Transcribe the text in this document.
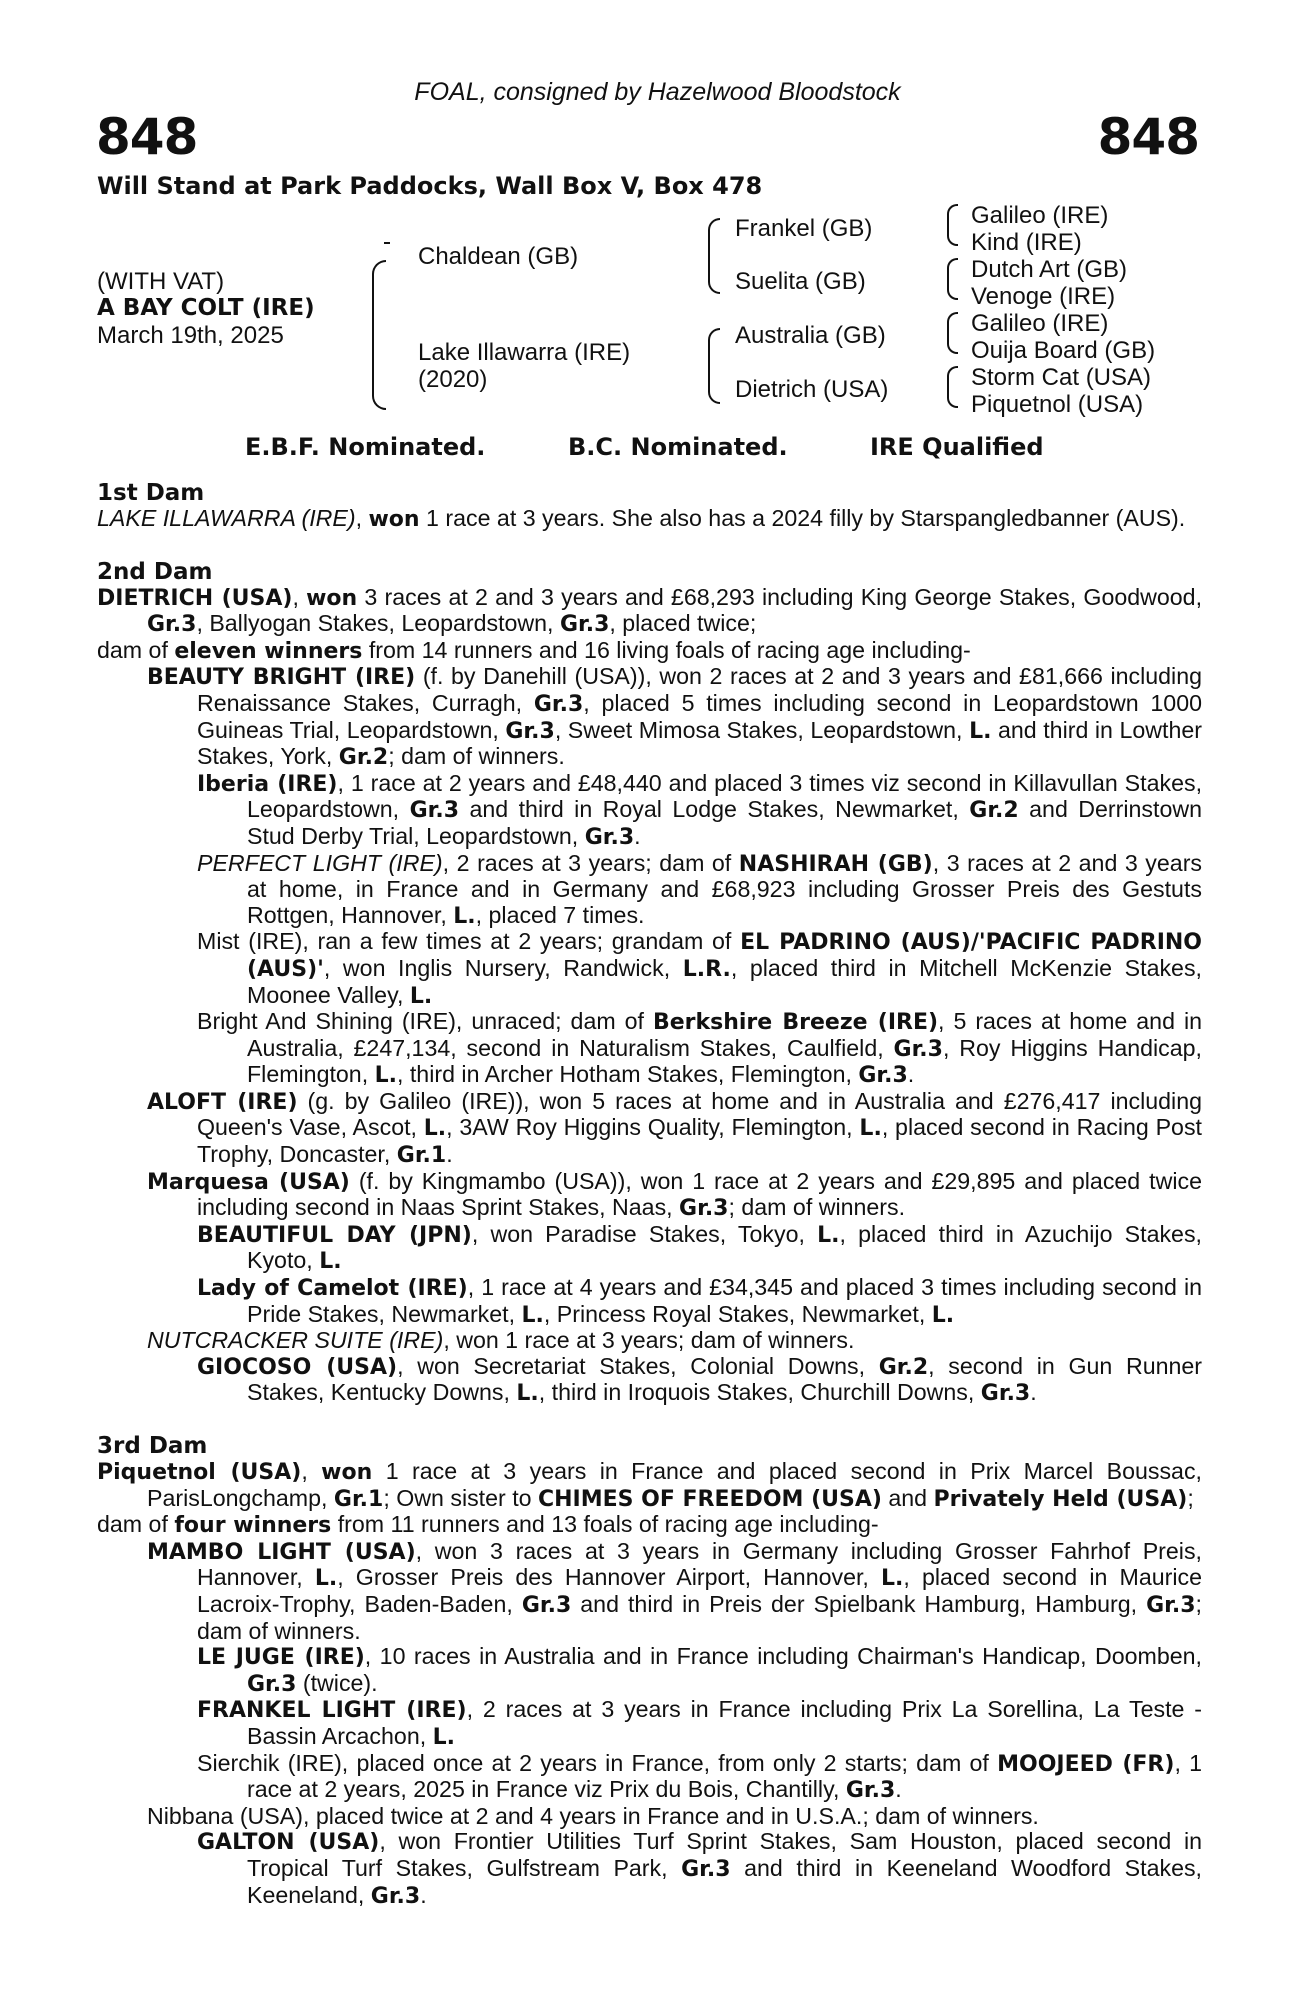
FOAL, consigned by Hazelwood Bloodstock
848	848
Will Stand at Park Paddocks, Wall Box V, Box 478
(WITH VAT)
A BAY COLT (IRE)
March 19th, 2025
Chaldean (GB)
Lake Illawarra (IRE)
(2020)
Frankel (GB)
Suelita (GB)
Australia (GB)
Dietrich (USA)
Galileo (IRE)
Kind (IRE)
Dutch Art (GB)
Venoge (IRE)
Galileo (IRE)
Ouija Board (GB)
Storm Cat (USA)
Piquetnol (USA)
E.B.F. Nominated.	B.C. Nominated.	IRE Qualified
1st Dam

LAKE ILLAWARRA (IRE), won 1 race at 3 years. She also has a 2024 filly by Starspangledbanner (AUS).

2nd Dam

DIETRICH (USA), won 3 races at 2 and 3 years and £68,293 including King George Stakes, Goodwood, Gr.3, Ballyogan Stakes, Leopardstown, Gr.3, placed twice;

dam of eleven winners from 14 runners and 16 living foals of racing age including-

BEAUTY BRIGHT (IRE) (f. by Danehill (USA)), won 2 races at 2 and 3 years and £81,666 including Renaissance Stakes, Curragh, Gr.3, placed 5 times including second in Leopardstown 1000 Guineas Trial, Leopardstown, Gr.3, Sweet Mimosa Stakes, Leopardstown, L. and third in Lowther Stakes, York, Gr.2; dam of winners.

Iberia (IRE), 1 race at 2 years and £48,440 and placed 3 times viz second in Killavullan Stakes, Leopardstown, Gr.3 and third in Royal Lodge Stakes, Newmarket, Gr.2 and Derrinstown Stud Derby Trial, Leopardstown, Gr.3.

PERFECT LIGHT (IRE), 2 races at 3 years; dam of NASHIRAH (GB), 3 races at 2 and 3 years at home, in France and in Germany and £68,923 including Grosser Preis des Gestuts Rottgen, Hannover, L., placed 7 times.

Mist (IRE), ran a few times at 2 years; grandam of EL PADRINO (AUS)/'PACIFIC PADRINO (AUS)', won Inglis Nursery, Randwick, L.R., placed third in Mitchell McKenzie Stakes, Moonee Valley, L.

Bright And Shining (IRE), unraced; dam of Berkshire Breeze (IRE), 5 races at home and in Australia, £247,134, second in Naturalism Stakes, Caulfield, Gr.3, Roy Higgins Handicap, Flemington, L., third in Archer Hotham Stakes, Flemington, Gr.3.

ALOFT (IRE) (g. by Galileo (IRE)), won 5 races at home and in Australia and £276,417 including Queen's Vase, Ascot, L., 3AW Roy Higgins Quality, Flemington, L., placed second in Racing Post Trophy, Doncaster, Gr.1.

Marquesa (USA) (f. by Kingmambo (USA)), won 1 race at 2 years and £29,895 and placed twice including second in Naas Sprint Stakes, Naas, Gr.3; dam of winners.

BEAUTIFUL DAY (JPN), won Paradise Stakes, Tokyo, L., placed third in Azuchijo Stakes, Kyoto, L.

Lady of Camelot (IRE), 1 race at 4 years and £34,345 and placed 3 times including second in Pride Stakes, Newmarket, L., Princess Royal Stakes, Newmarket, L.

NUTCRACKER SUITE (IRE), won 1 race at 3 years; dam of winners.

GIOCOSO (USA), won Secretariat Stakes, Colonial Downs, Gr.2, second in Gun Runner Stakes, Kentucky Downs, L., third in Iroquois Stakes, Churchill Downs, Gr.3.

3rd Dam

Piquetnol (USA), won 1 race at 3 years in France and placed second in Prix Marcel Boussac, ParisLongchamp, Gr.1; Own sister to CHIMES OF FREEDOM (USA) and Privately Held (USA);

dam of four winners from 11 runners and 13 foals of racing age including-

MAMBO LIGHT (USA), won 3 races at 3 years in Germany including Grosser Fahrhof Preis, Hannover, L., Grosser Preis des Hannover Airport, Hannover, L., placed second in Maurice Lacroix-Trophy, Baden-Baden, Gr.3 and third in Preis der Spielbank Hamburg, Hamburg, Gr.3; dam of winners.

LE JUGE (IRE), 10 races in Australia and in France including Chairman's Handicap, Doomben, Gr.3 (twice).

FRANKEL LIGHT (IRE), 2 races at 3 years in France including Prix La Sorellina, La Teste - Bassin Arcachon, L.

Sierchik (IRE), placed once at 2 years in France, from only 2 starts; dam of MOOJEED (FR), 1 race at 2 years, 2025 in France viz Prix du Bois, Chantilly, Gr.3.

Nibbana (USA), placed twice at 2 and 4 years in France and in U.S.A.; dam of winners.

GALTON (USA), won Frontier Utilities Turf Sprint Stakes, Sam Houston, placed second in Tropical Turf Stakes, Gulfstream Park, Gr.3 and third in Keeneland Woodford Stakes, Keeneland, Gr.3.
